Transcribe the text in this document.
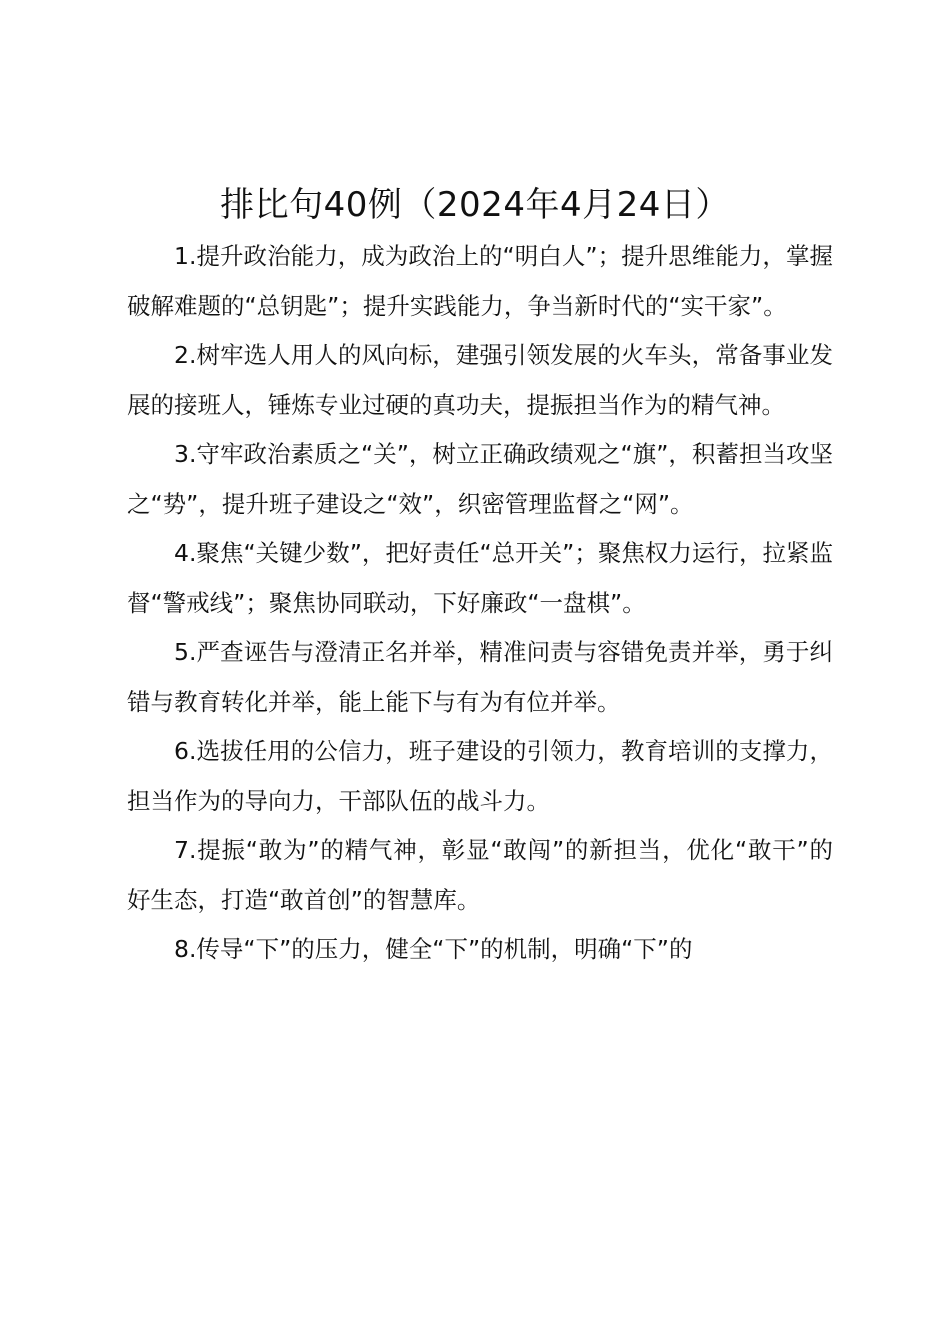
排比句40例（2024年4月24日）

1.提升政治能力，成为政治上的“明白人”；提升思维能力，掌握破解难题的“总钥匙”；提升实践能力，争当新时代的“实干家”。

2.树牢选人用人的风向标，建强引领发展的火车头，常备事业发展的接班人，锤炼专业过硬的真功夫，提振担当作为的精气神。

3.守牢政治素质之“关”，树立正确政绩观之“旗”，积蓄担当攻坚之“势”，提升班子建设之“效”，织密管理监督之“网”。

4.聚焦“关键少数”，把好责任“总开关”；聚焦权力运行，拉紧监督“警戒线”；聚焦协同联动，下好廉政“一盘棋”。

5.严查诬告与澄清正名并举，精准问责与容错免责并举，勇于纠错与教育转化并举，能上能下与有为有位并举。

6.选拔任用的公信力，班子建设的引领力，教育培训的支撑力，担当作为的导向力，干部队伍的战斗力。

7.提振“敢为”的精气神，彰显“敢闯”的新担当，优化“敢干”的好生态，打造“敢首创”的智慧库。

8.传导“下”的压力，健全“下”的机制，明确“下”的
